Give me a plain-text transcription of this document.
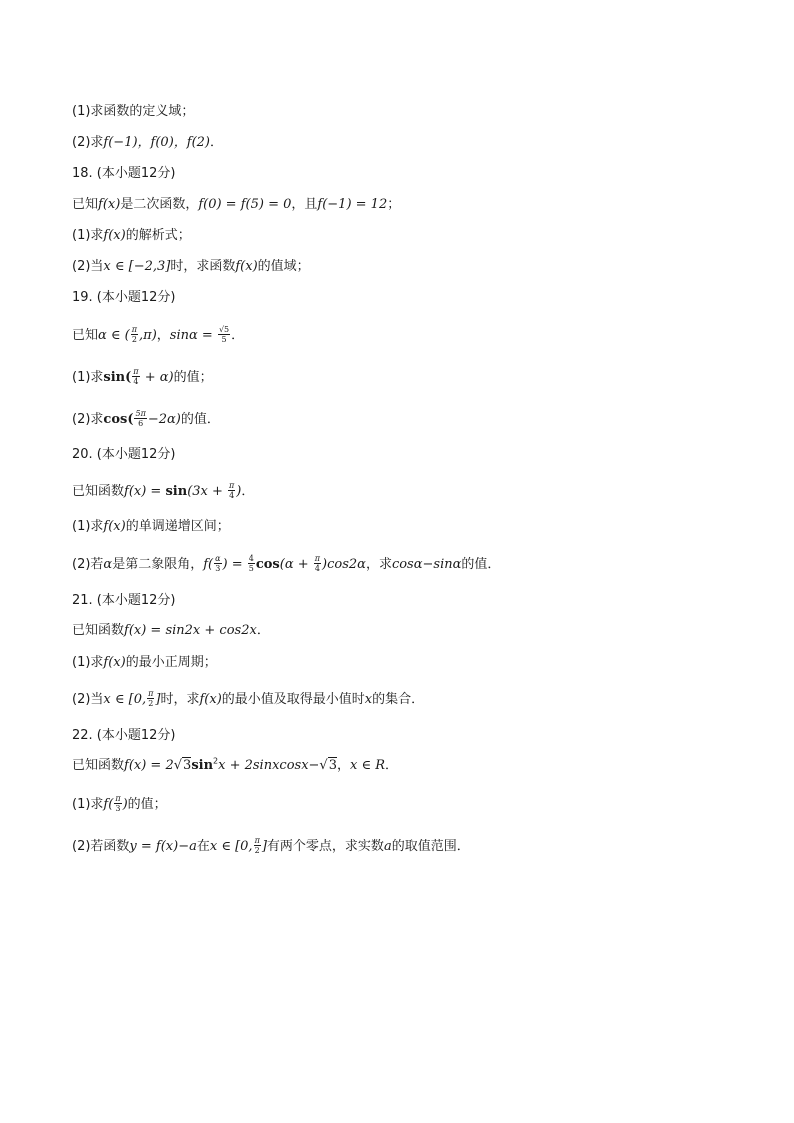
(1)求函数的定义域；
(2)求f(−1)，f(0)，f(2)．
18. (本小题12分)
已知f(x)是二次函数，f(0) = f(5) = 0，且f(−1) = 12；
(1)求f(x)的解析式；
(2)当x ∈ [−2,3]时，求函数f(x)的值域；
19. (本小题12分)
已知α ∈ ( $\frac{\pi}{2} ,\pi$)，$\sin\alpha = \frac{√5}{5}$ ．
(1)求$\sin( \frac{\pi}{4} + \alpha)$的值；
(2)求$\cos( \frac{5\pi}{6} -2\alpha)$的值．
20. (本小题12分)
已知函数$f(x) = \sin(3x + \frac{\pi}{4}$ )．
(1)求f(x)的单调递增区间；
(2)若α是第二象限角，$f( \frac{\alpha}{3}$ ) = $\frac{4}{5} \cos(\alpha + \frac{\pi}{4} )\cos 2\alpha$，求cosα−sinα的值．
21. (本小题12分)
已知函数f(x) = sin2x + cos2x．
(1)求f(x)的最小正周期；
(2)当x ∈ [0, $\frac{\pi}{2}$ ]时，求f(x)的最小值及取得最小值时x的集合．
22. (本小题12分)
已知函数$f(x) = 2√3\sin^2x$ + 2sinxcosx−√3，x ∈ R．
(1)求$f( \frac{\pi}{3}$ )的值；
(2)若函数y = f(x)−a在x ∈ [0, $\frac{\pi}{2}$ ]有两个零点，求实数a的取值范围．
